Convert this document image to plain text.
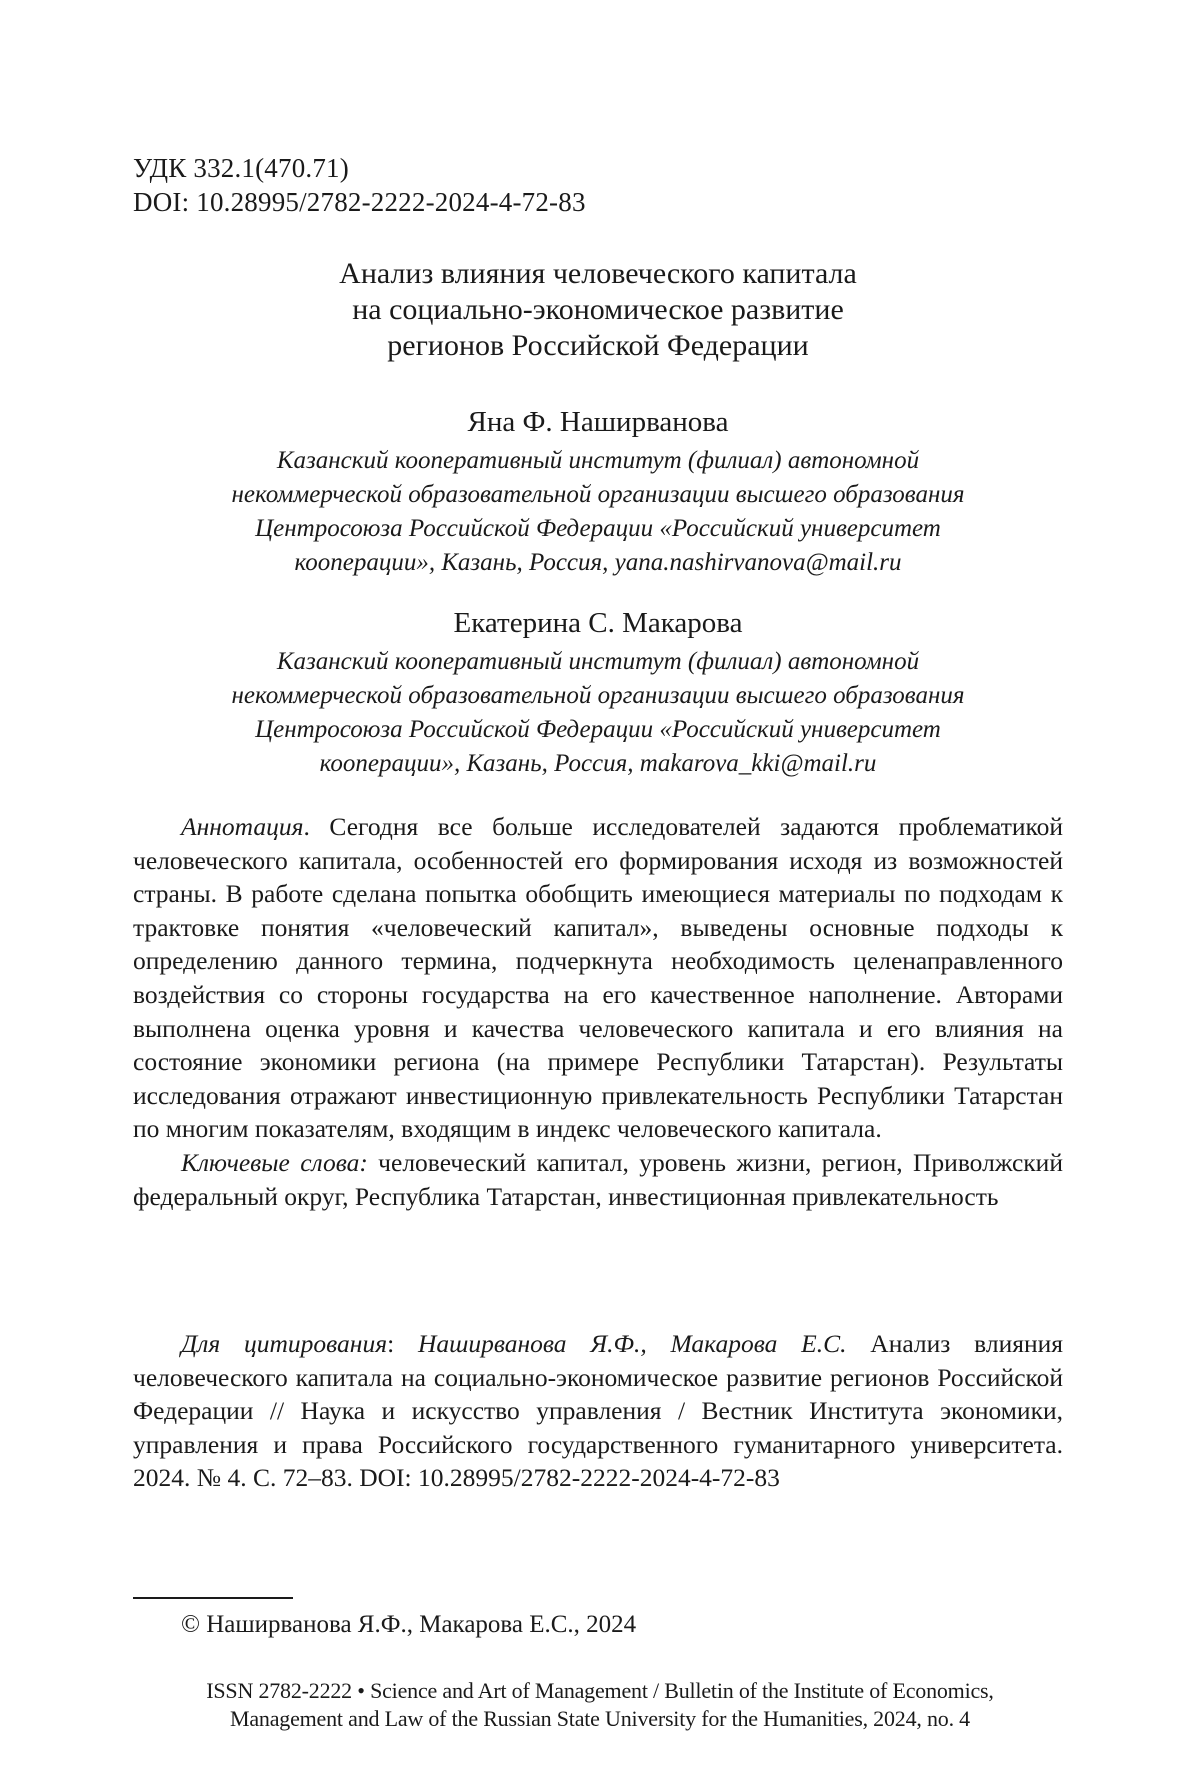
УДК 332.1(470.71)
DOI: 10.28995/2782-2222-2024-4-72-83
Анализ влияния человеческого капитала
на социально-экономическое развитие
регионов Российской Федерации
Яна Ф. Наширванова
Казанский кооперативный институт (филиал) автономной
некоммерческой образовательной организации высшего образования
Центросоюза Российской Федерации «Российский университет
кооперации», Казань, Россия, yana.nashirvanova@mail.ru
Екатерина С. Макарова
Казанский кооперативный институт (филиал) автономной
некоммерческой образовательной организации высшего образования
Центросоюза Российской Федерации «Российский университет
кооперации», Казань, Россия, makarova_kki@mail.ru

Аннотация. Сегодня все больше исследователей задаются проблематикой человеческого капитала, особенностей его формирования исходя из возможностей страны. В работе сделана попытка обобщить имеющиеся материалы по подходам к трактовке понятия «человеческий капитал», выведены основные подходы к определению данного термина, подчеркнута необходимость целенаправленного воздействия со стороны государства на его качественное наполнение. Авторами выполнена оценка уровня и качества человеческого капитала и его влияния на состояние экономики региона (на примере Республики Татарстан). Результаты исследования отражают инвестиционную привлекательность Республики Татарстан по многим показателям, входящим в индекс человеческого капитала.

Ключевые слова: человеческий капитал, уровень жизни, регион, Приволжский федеральный округ, Республика Татарстан, инвестиционная привлекательность

Для цитирования: Наширванова Я.Ф., Макарова Е.С. Анализ влияния человеческого капитала на социально-экономическое развитие регионов Российской Федерации // Наука и искусство управления / Вестник Института экономики, управления и права Российского государственного гуманитарного университета. 2024. № 4. С. 72–83. DOI: 10.28995/2782-2222-2024-4-72-83

© Наширванова Я.Ф., Макарова Е.С., 2024
ISSN 2782-2222 • Science and Art of Management / Bulletin of the Institute of Economics,
Management and Law of the Russian State University for the Humanities, 2024, no. 4
